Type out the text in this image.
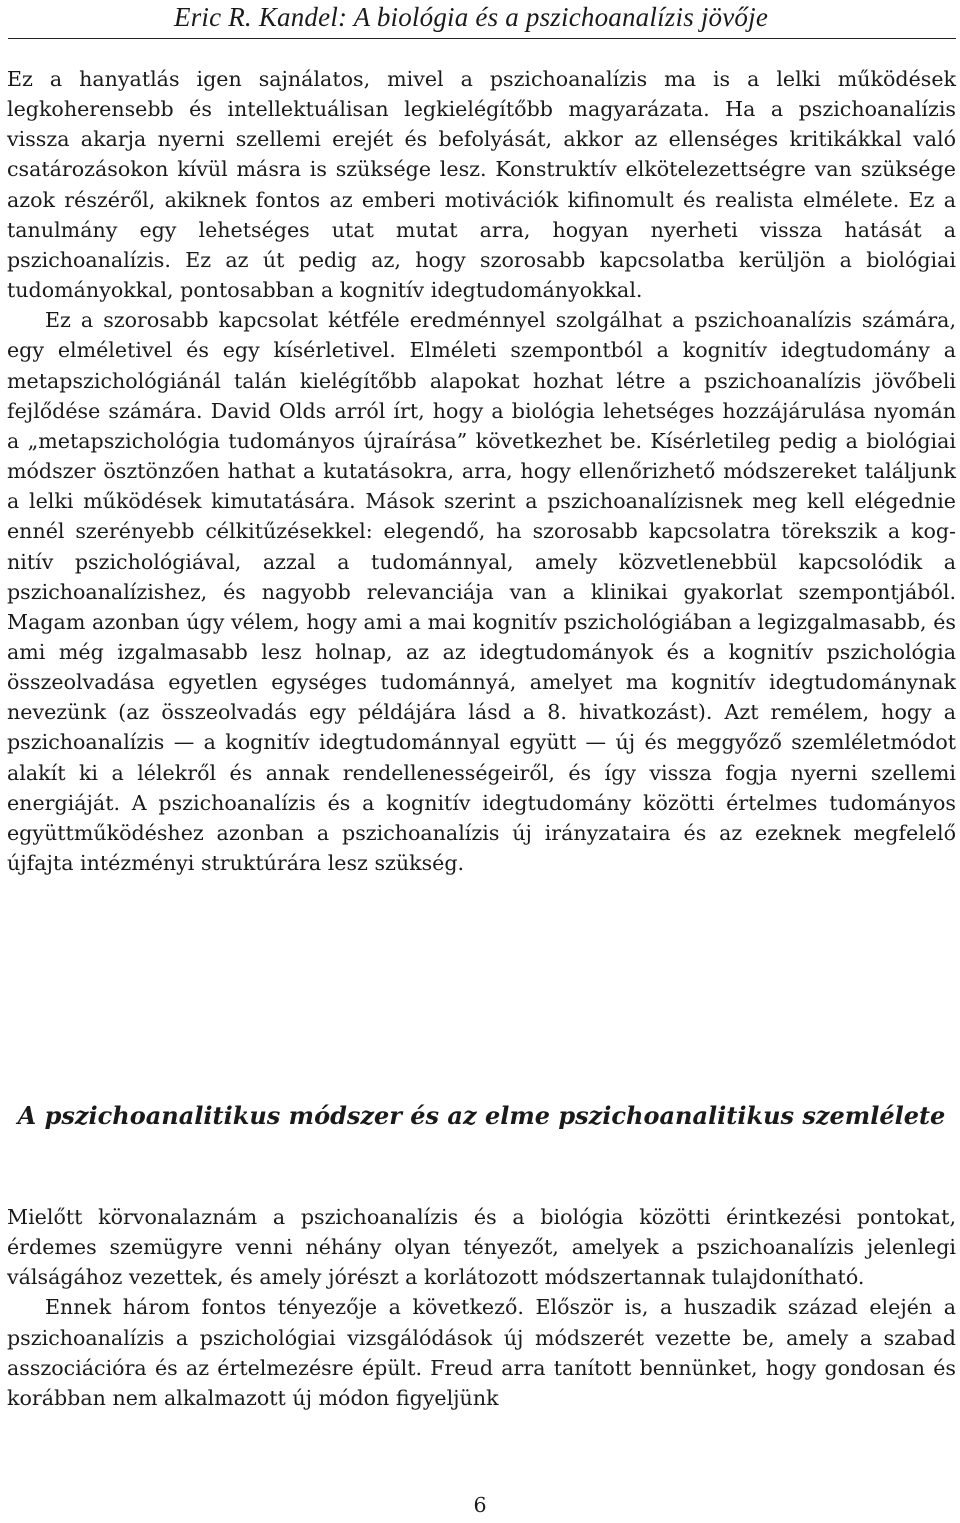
Eric R. Kandel: A biológia és a pszichoanalízis jövője

Ez a hanyatlás igen sajnálatos, mivel a pszichoanalízis ma is a lelki működések legkoherensebb és intellektuálisan legkielégítőbb magyarázata. Ha a pszichoanalízis vissza akarja nyerni szellemi erejét és befolyását, akkor az ellenséges kritikákkal való csatározásokon kívül másra is szüksége lesz. Konstruktív elkötelezettségre van szüksége azok részéről, akiknek fontos az emberi motivációk kifinomult és realista elmélete. Ez a tanulmány egy lehetséges utat mutat arra, hogyan nyerheti vissza hatását a pszichoanalízis. Ez az út pedig az, hogy szorosabb kapcsolatba kerüljön a biológiai tudományokkal, pontosabban a kognitív idegtudományokkal.

Ez a szorosabb kapcsolat kétféle eredménnyel szolgálhat a pszichoanalízis számára, egy elméletivel és egy kísérletivel. Elméleti szempontból a kognitív idegtudomány a metapszichológiánál talán kielégítőbb alapokat hozhat létre a pszichoanalízis jövőbeli fejlődése számára. David Olds arról írt, hogy a biológia lehetséges hozzájárulása nyomán a „metapszichológia tudományos újraírása” következhet be. Kísérletileg pedig a biológiai módszer ösztönzően hathat a kutatásokra, arra, hogy ellenőrizhető módszereket találjunk a lelki működések kimutatására. Mások szerint a pszichoanalízisnek meg kell elégednie ennél szerényebb célkitűzésekkel: elegendő, ha szorosabb kapcsolatra törekszik a kognitív pszichológiával, azzal a tudománnyal, amely közvetlenebbül kapcsolódik a pszichoanalízishez, és nagyobb relevanciája van a klinikai gyakorlat szempontjából. Magam azonban úgy vélem, hogy ami a mai kognitív pszichológiában a legizgalmasabb, és ami még izgalmasabb lesz holnap, az az idegtudományok és a kognitív pszichológia összeolvadása egyetlen egységes tudománnyá, amelyet ma kognitív idegtudománynak nevezünk (az összeolvadás egy példájára lásd a 8. hivatkozást). Azt remélem, hogy a pszichoanalízis — a kognitív idegtudománnyal együtt — új és meggyőző szemléletmódot alakít ki a lélekről és annak rendellenességeiről, és így vissza fogja nyerni szellemi energiáját. A pszichoanalízis és a kognitív idegtudomány közötti értelmes tudományos együttműködéshez azonban a pszichoanalízis új irányzataira és az ezeknek megfelelő újfajta intézményi struktúrára lesz szükség.

A pszichoanalitikus módszer és az elme pszichoanalitikus szemlélete

Mielőtt körvonalaznám a pszichoanalízis és a biológia közötti érintkezési pontokat, érdemes szemügyre venni néhány olyan tényezőt, amelyek a pszichoanalízis jelenlegi válságához vezettek, és amely jórészt a korlátozott módszertannak tulajdonítható.

Ennek három fontos tényezője a következő. Először is, a huszadik század elején a pszichoanalízis a pszichológiai vizsgálódások új módszerét vezette be, amely a szabad asszociációra és az értelmezésre épült. Freud arra tanított bennünket, hogy gondosan és korábban nem alkalmazott új módon figyeljünk

6
